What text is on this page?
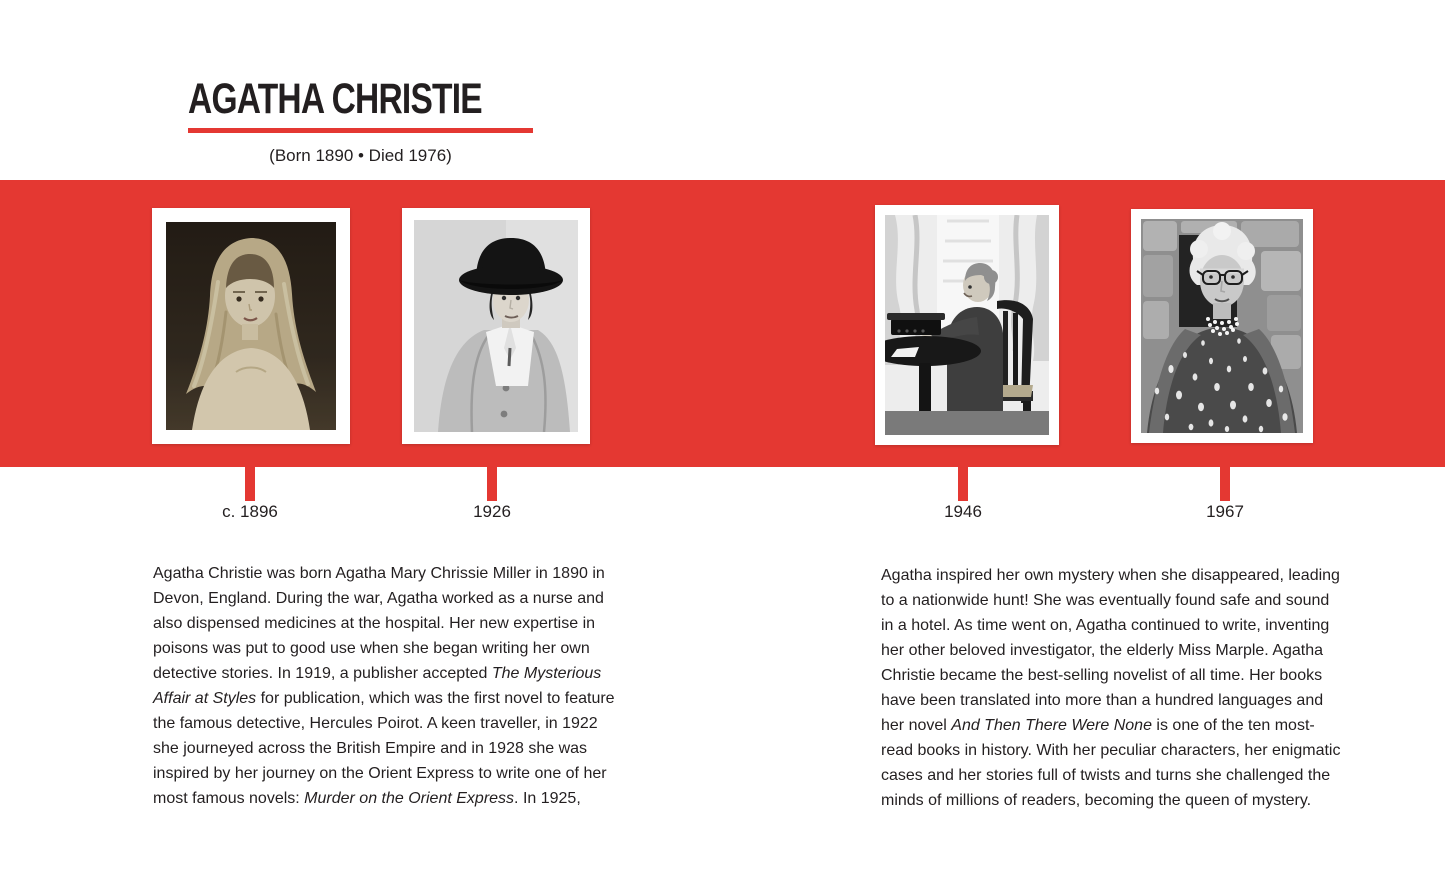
AGATHA CHRISTIE
(Born 1890 • Died 1976)
c. 1896	1926	1946	1967

Agatha Christie was born Agatha Mary Chrissie Miller in 1890 in Devon, England. During the war, Agatha worked as a nurse and also dispensed medicines at the hospital. Her new expertise in poisons was put to good use when she began writing her own detective stories. In 1919, a publisher accepted The Mysterious Affair at Styles for publication, which was the first novel to feature the famous detective, Hercules Poirot. A keen traveller, in 1922 she journeyed across the British Empire and in 1928 she was inspired by her journey on the Orient Express to write one of her most famous novels: Murder on the Orient Express. In 1925,

Agatha inspired her own mystery when she disappeared, leading to a nationwide hunt! She was eventually found safe and sound in a hotel. As time went on, Agatha continued to write, inventing her other beloved investigator, the elderly Miss Marple. Agatha Christie became the best-selling novelist of all time. Her books have been translated into more than a hundred languages and her novel And Then There Were None is one of the ten most-read books in history. With her peculiar characters, her enigmatic cases and her stories full of twists and turns she challenged the minds of millions of readers, becoming the queen of mystery.
